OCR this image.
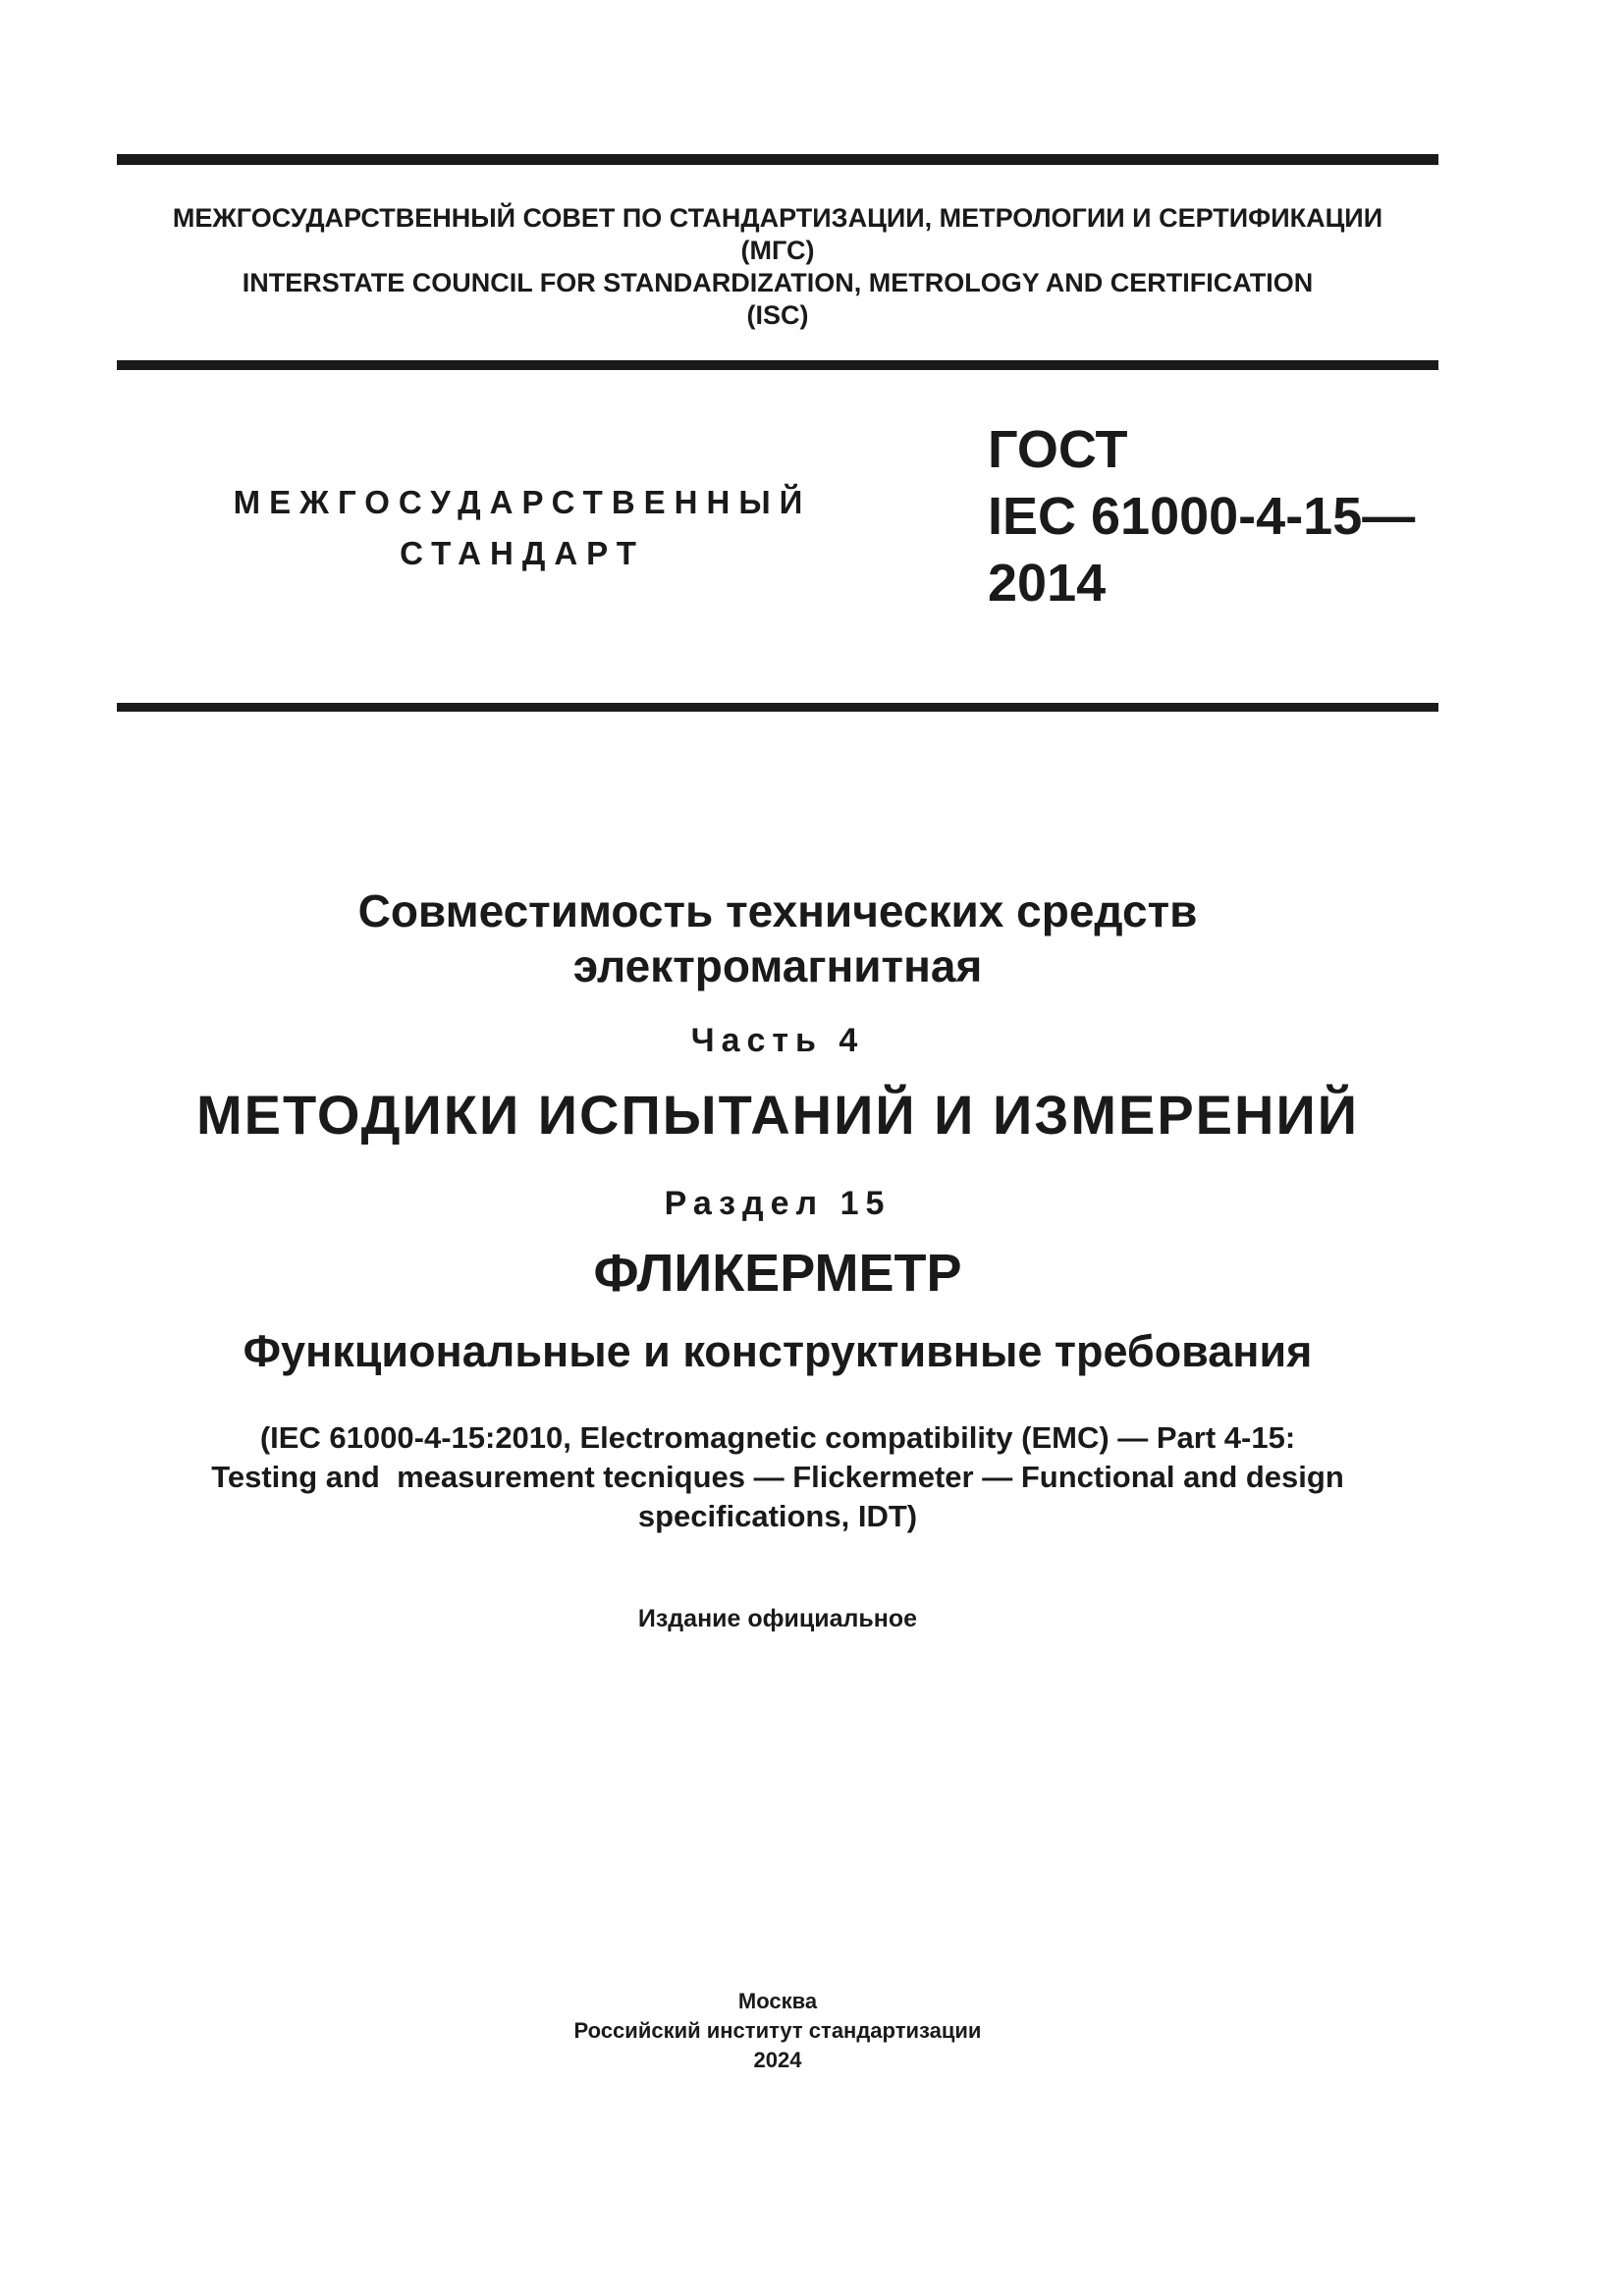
МЕЖГОСУДАРСТВЕННЫЙ СОВЕТ ПО СТАНДАРТИЗАЦИИ, МЕТРОЛОГИИ И СЕРТИФИКАЦИИ
(МГС)
INTERSTATE COUNCIL FOR STANDARDIZATION, METROLOGY AND CERTIFICATION
(ISC)
МЕЖГОСУДАРСТВЕННЫЙ
СТАНДАРТ
ГОСТ
IEC 61000-4-15—
2014
Совместимость технических средств
электромагнитная
Часть 4
МЕТОДИКИ ИСПЫТАНИЙ И ИЗМЕРЕНИЙ
Раздел 15
ФЛИКЕРМЕТР
Функциональные и конструктивные требования
(IEC 61000-4-15:2010, Electromagnetic compatibility (EMC) — Part 4-15:
Testing and  measurement tecniques — Flickermeter — Functional and design
specifications, IDT)
Издание официальное
Москва
Российский институт стандартизации
2024
